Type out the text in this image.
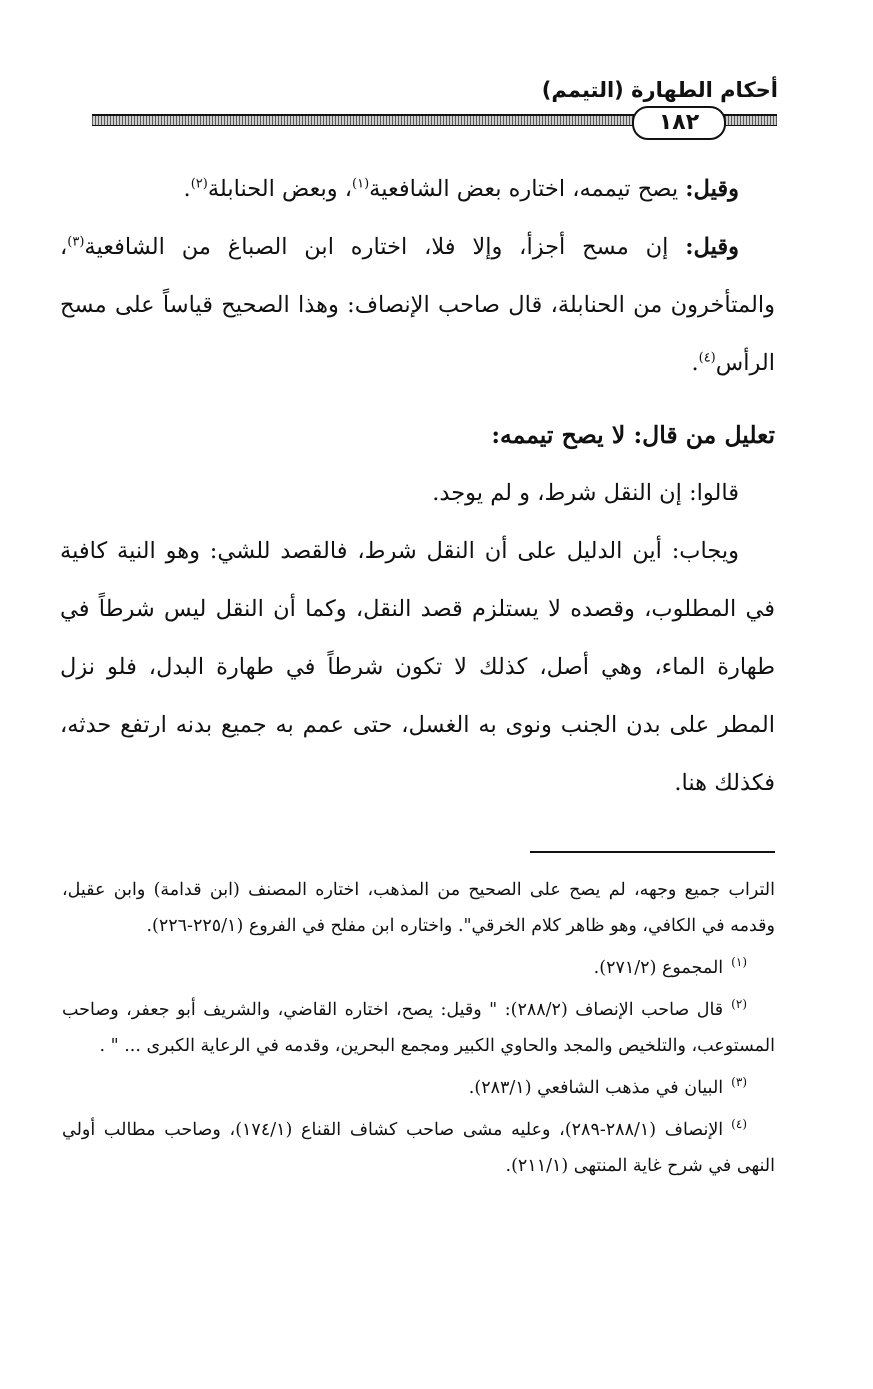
أحكام الطهارة (التيمم)
١٨٢

وقيل: يصح تيممه، اختاره بعض الشافعية$^{(١)}$، وبعض الحنابلة$^{(٢)}$.

وقيل: إن مسح أجزأ، وإلا فلا، اختاره ابن الصباغ من الشافعية$^{(٣)}$، والمتأخرون من الحنابلة، قال صاحب الإنصاف: وهذا الصحيح قياساً على مسح الرأس$^{(٤)}$.

تعليل من قال: لا يصح تيممه:

قالوا: إن النقل شرط، و لم يوجد.

ويجاب: أين الدليل على أن النقل شرط، فالقصد للشي: وهو النية كافية في المطلوب، وقصده لا يستلزم قصد النقل، وكما أن النقل ليس شرطاً في طهارة الماء، وهي أصل، كذلك لا تكون شرطاً في طهارة البدل، فلو نزل المطر على بدن الجنب ونوى به الغسل، حتى عمم به جميع بدنه ارتفع حدثه، فكذلك هنا.

التراب جميع وجهه، لم يصح على الصحيح من المذهب، اختاره المصنف (ابن قدامة) وابن عقيل، وقدمه في الكافي، وهو ظاهر كلام الخرقي". واختاره ابن مفلح في الفروع (٢٢٥/١-٢٢٦).

$^{(١)}$المجموع (٢٧١/٢).

$^{(٢)}$قال صاحب الإنصاف (٢٨٨/٢): " وقيل: يصح، اختاره القاضي، والشريف أبو جعفر، وصاحب المستوعب، والتلخيص والمجد والحاوي الكبير ومجمع البحرين، وقدمه في الرعاية الكبرى ... " .

$^{(٣)}$البيان في مذهب الشافعي (٢٨٣/١).

$^{(٤)}$الإنصاف (٢٨٨/١-٢٨٩)، وعليه مشى صاحب كشاف القناع (١٧٤/١)، وصاحب مطالب أولي النهى في شرح غاية المنتهى (٢١١/١).
